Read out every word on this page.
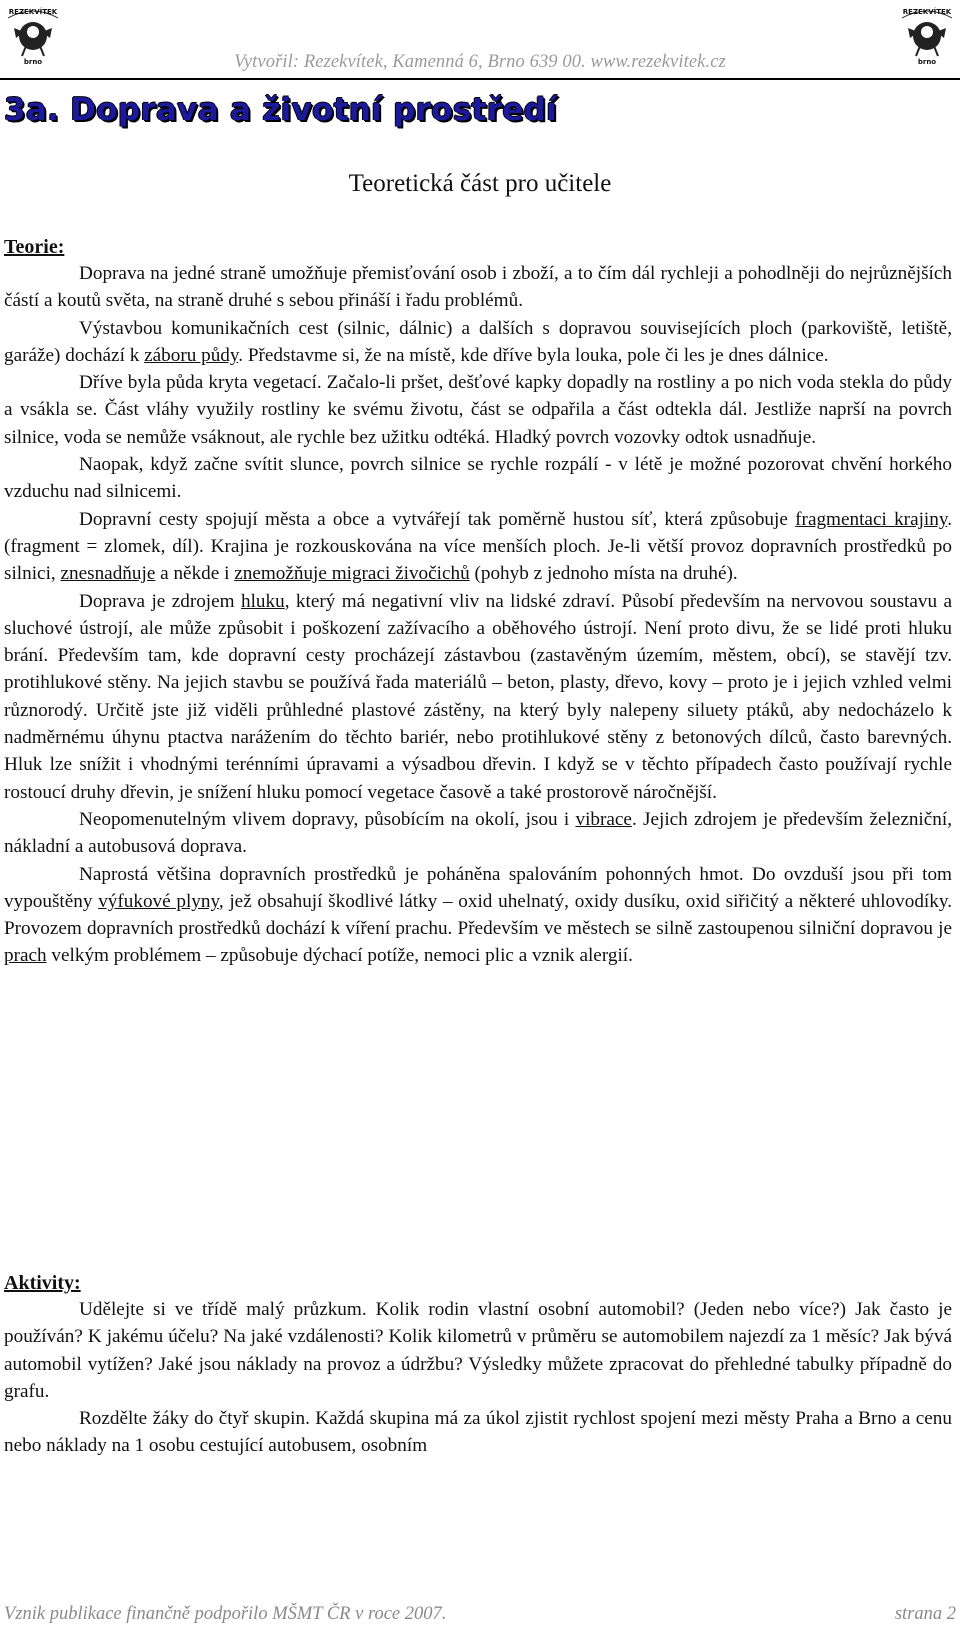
REZEKVÍTEK
brno
REZEKVÍTEK
brno
Vytvořil: Rezekvítek, Kamenná 6, Brno 639 00. www.rezekvitek.cz
3a. Doprava a životní prostředí
Teoretická část pro učitele
Teorie:

Doprava na jedné straně umožňuje přemisťování osob i zboží, a to čím dál rychleji a pohodlněji do nejrůznějších částí a koutů světa, na straně druhé s sebou přináší i řadu problémů.

Výstavbou komunikačních cest (silnic, dálnic) a dalších s dopravou souvisejících ploch (parkoviště, letiště, garáže) dochází k záboru půdy. Představme si, že na místě, kde dříve byla louka, pole či les je dnes dálnice.

Dříve byla půda kryta vegetací. Začalo-li pršet, dešťové kapky dopadly na rostliny a po nich voda stekla do půdy a vsákla se. Část vláhy využily rostliny ke svému životu, část se odpařila a část odtekla dál. Jestliže naprší na povrch silnice, voda se nemůže vsáknout, ale rychle bez užitku odtéká. Hladký povrch vozovky odtok usnadňuje.

Naopak, když začne svítit slunce, povrch silnice se rychle rozpálí - v létě je možné pozorovat chvění horkého vzduchu nad silnicemi.

Dopravní cesty spojují města a obce a vytvářejí tak poměrně hustou síť, která způsobuje fragmentaci krajiny. (fragment = zlomek, díl). Krajina je rozkouskována na více menších ploch. Je-li větší provoz dopravních prostředků po silnici, znesnadňuje a někde i znemožňuje migraci živočichů (pohyb z jednoho místa na druhé).

Doprava je zdrojem hluku, který má negativní vliv na lidské zdraví. Působí především na nervovou soustavu a sluchové ústrojí, ale může způsobit i poškození zažívacího a oběhového ústrojí. Není proto divu, že se lidé proti hluku brání. Především tam, kde dopravní cesty procházejí zástavbou (zastavěným územím, městem, obcí), se stavějí tzv. protihlukové stěny. Na jejich stavbu se používá řada materiálů – beton, plasty, dřevo, kovy – proto je i jejich vzhled velmi různorodý. Určitě jste již viděli průhledné plastové zástěny, na který byly nalepeny siluety ptáků, aby nedocházelo k nadměrnému úhynu ptactva narážením do těchto bariér, nebo protihlukové stěny z betonových dílců, často barevných. Hluk lze snížit i vhodnými terénními úpravami a výsadbou dřevin. I když se v těchto případech často používají rychle rostoucí druhy dřevin, je snížení hluku pomocí vegetace časově a také prostorově náročnější.

Neopomenutelným vlivem dopravy, působícím na okolí, jsou i vibrace. Jejich zdrojem je především železniční, nákladní a autobusová doprava.

Naprostá většina dopravních prostředků je poháněna spalováním pohonných hmot. Do ovzduší jsou při tom vypouštěny výfukové plyny, jež obsahují škodlivé látky – oxid uhelnatý, oxidy dusíku, oxid siřičitý a některé uhlovodíky. Provozem dopravních prostředků dochází k víření prachu. Především ve městech se silně zastoupenou silniční dopravou je prach velkým problémem – způsobuje dýchací potíže, nemoci plic a vznik alergií.

Aktivity:

Udělejte si ve třídě malý průzkum. Kolik rodin vlastní osobní automobil? (Jeden nebo více?) Jak často je používán? K jakému účelu? Na jaké vzdálenosti? Kolik kilometrů v průměru se automobilem najezdí za 1 měsíc? Jak bývá automobil vytížen? Jaké jsou náklady na provoz a údržbu? Výsledky můžete zpracovat do přehledné tabulky případně do grafu.

Rozdělte žáky do čtyř skupin. Každá skupina má za úkol zjistit rychlost spojení mezi městy Praha a Brno a cenu nebo náklady na 1 osobu cestující autobusem, osobním

Vznik publikace finančně podpořilo MŠMT ČR v roce 2007.	strana 2
